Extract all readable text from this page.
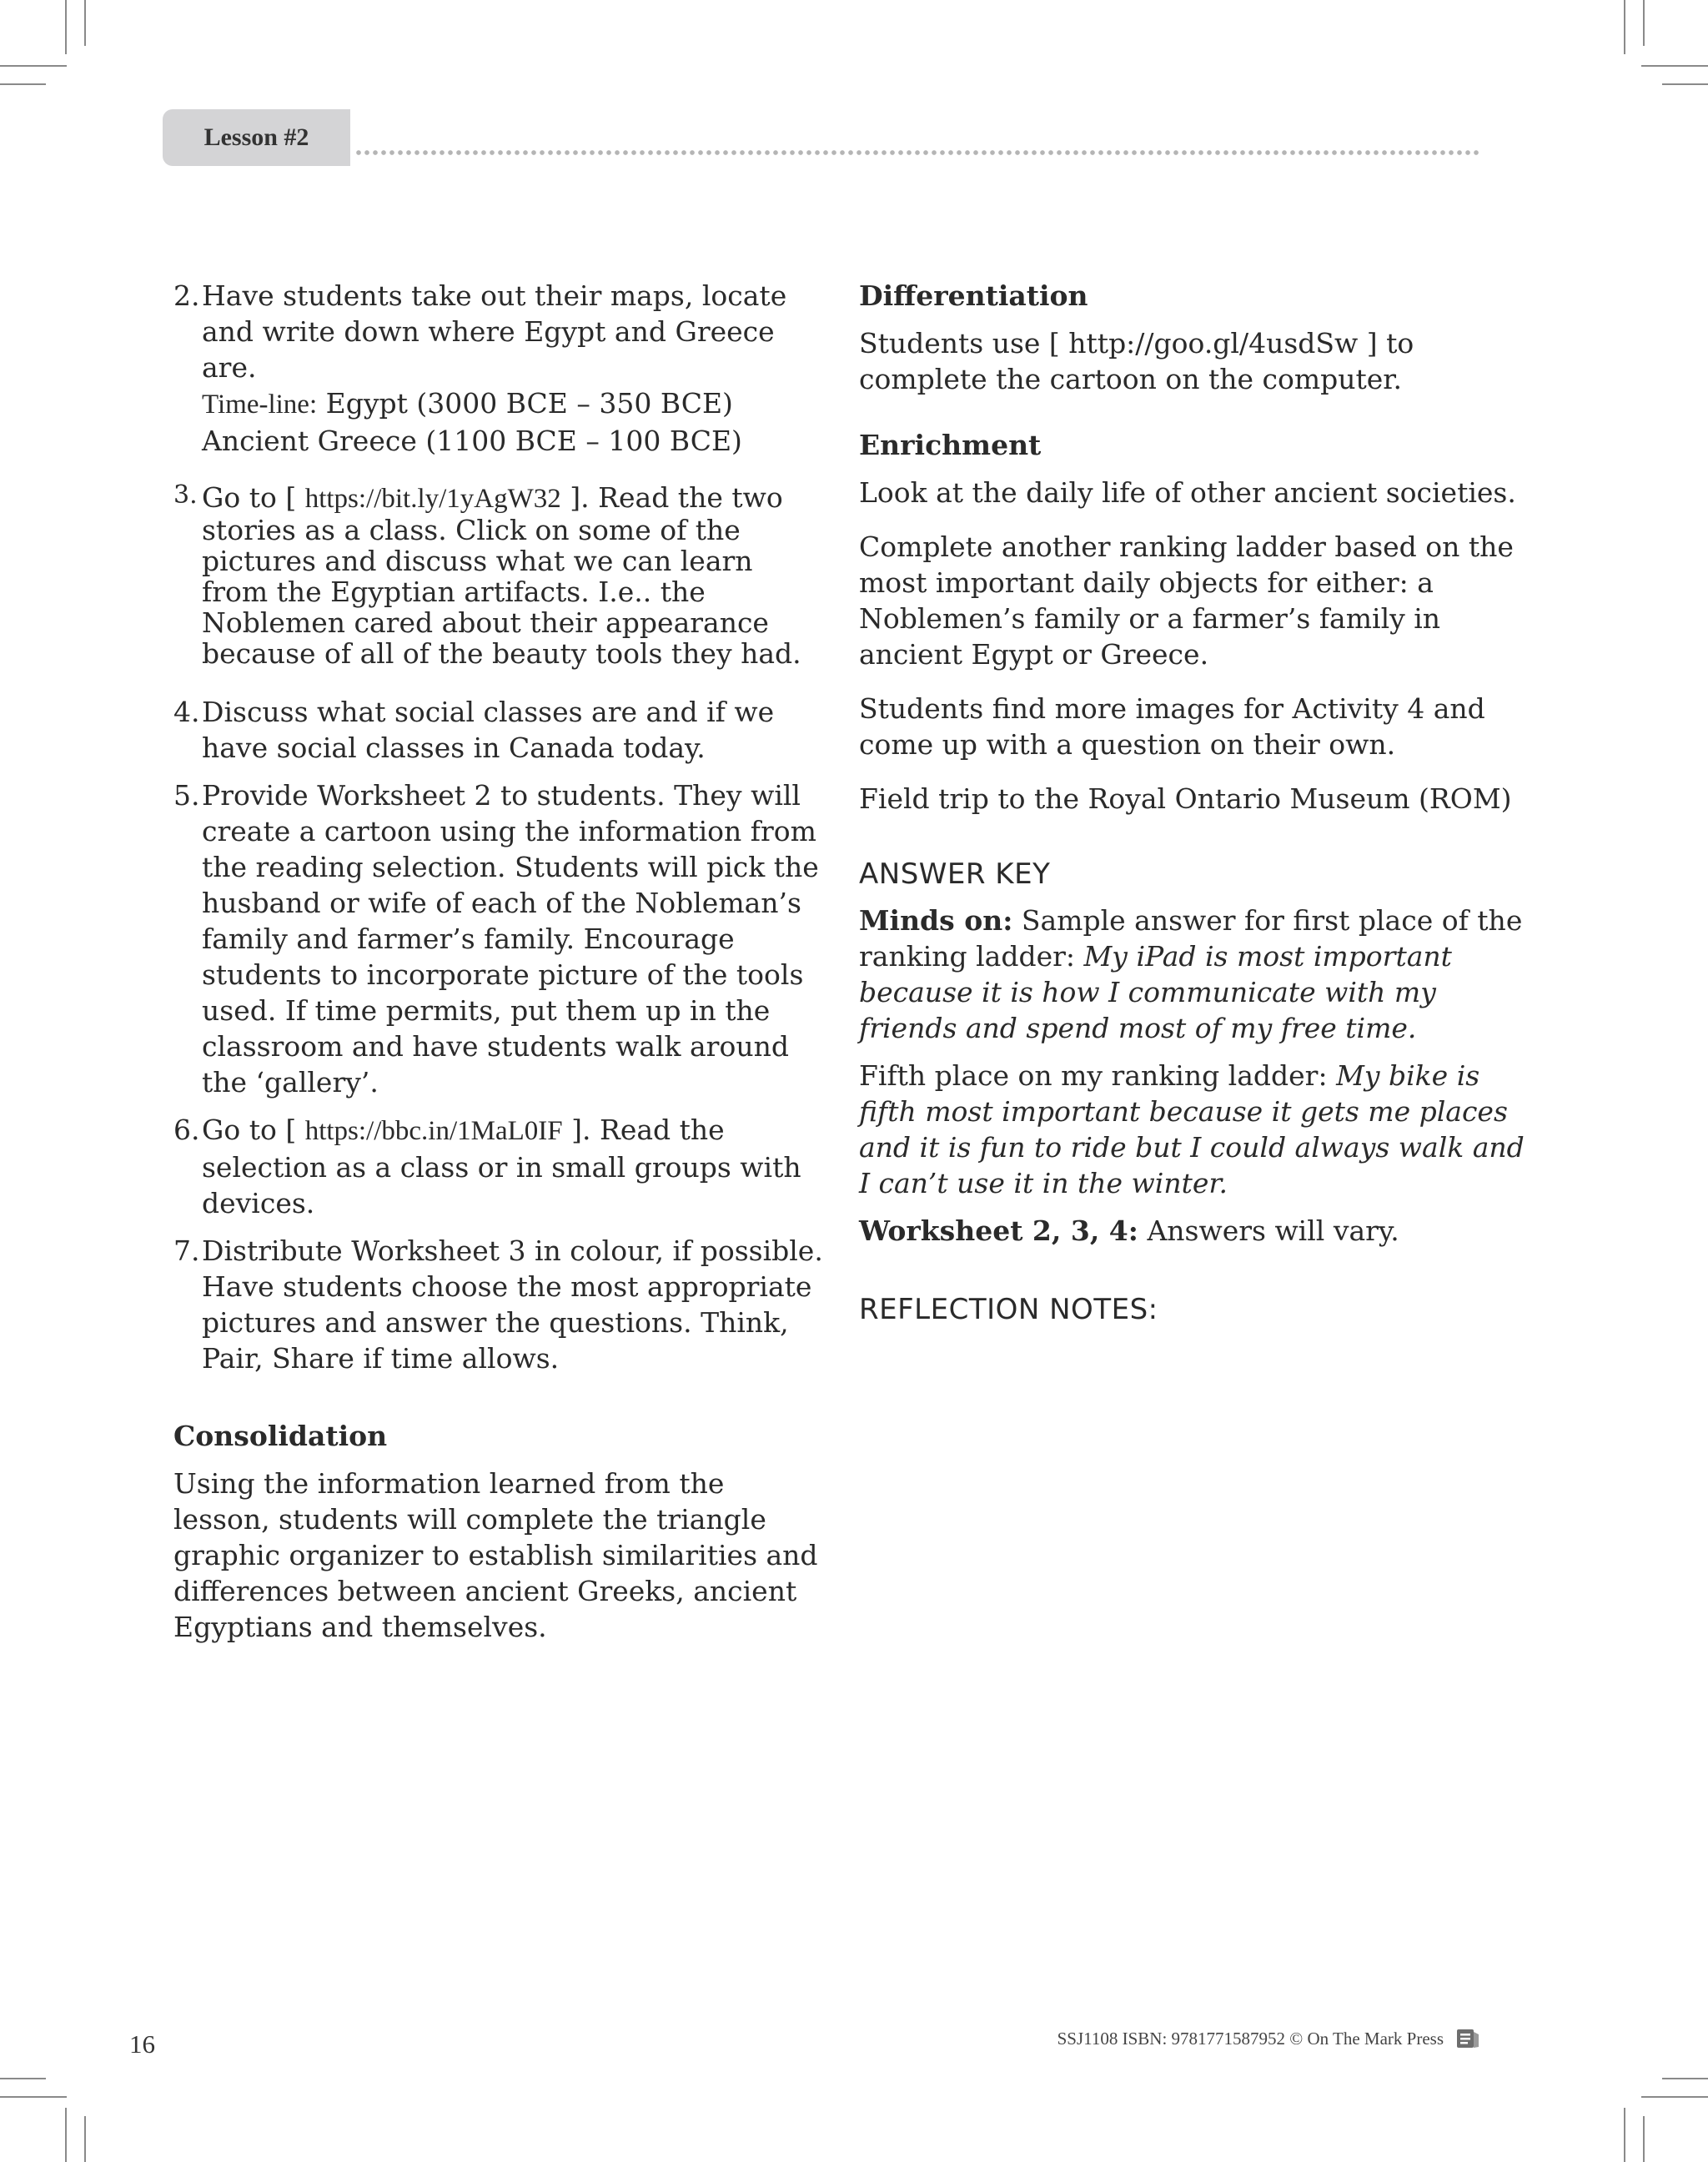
Lesson #2
2. Have students take out their maps, locate and write down where Egypt and Greece are.

Time-line: Egypt (3000 BCE – 350 BCE)

Ancient Greece (1100 BCE – 100 BCE)

3. Go to [ https://bit.ly/1yAgW32 ]. Read the two stories as a class. Click on some of the pictures and discuss what we can learn from the Egyptian artifacts. I.e.. the Noblemen cared about their appearance because of all of the beauty tools they had.

4. Discuss what social classes are and if we have social classes in Canada today.

5. Provide Worksheet 2 to students. They will create a cartoon using the information from the reading selection. Students will pick the husband or wife of each of the Nobleman’s family and farmer’s family. Encourage students to incorporate picture of the tools used. If time permits, put them up in the classroom and have students walk around the ‘gallery’.

6. Go to [ https://bbc.in/1MaL0IF ]. Read the selection as a class or in small groups with devices.

7. Distribute Worksheet 3 in colour, if possible. Have students choose the most appropriate pictures and answer the questions. Think, Pair, Share if time allows.

Consolidation

Using the information learned from the lesson, students will complete the triangle graphic organizer to establish similarities and differences between ancient Greeks, ancient Egyptians and themselves.

Differentiation

Students use [ http://goo.gl/4usdSw ] to complete the cartoon on the computer.

Enrichment

Look at the daily life of other ancient societies.

Complete another ranking ladder based on the most important daily objects for either: a Noblemen’s family or a farmer’s family in ancient Egypt or Greece.

Students find more images for Activity 4 and come up with a question on their own.

Field trip to the Royal Ontario Museum (ROM)

ANSWER KEY

Minds on: Sample answer for first place of the ranking ladder: My iPad is most important because it is how I communicate with my friends and spend most of my free time.

Fifth place on my ranking ladder: My bike is fifth most important because it gets me places and it is fun to ride but I could always walk and I can’t use it in the winter.

Worksheet 2, 3, 4: Answers will vary.

REFLECTION NOTES:
16	SSJ1108 ISBN: 9781771587952 © On The Mark Press
